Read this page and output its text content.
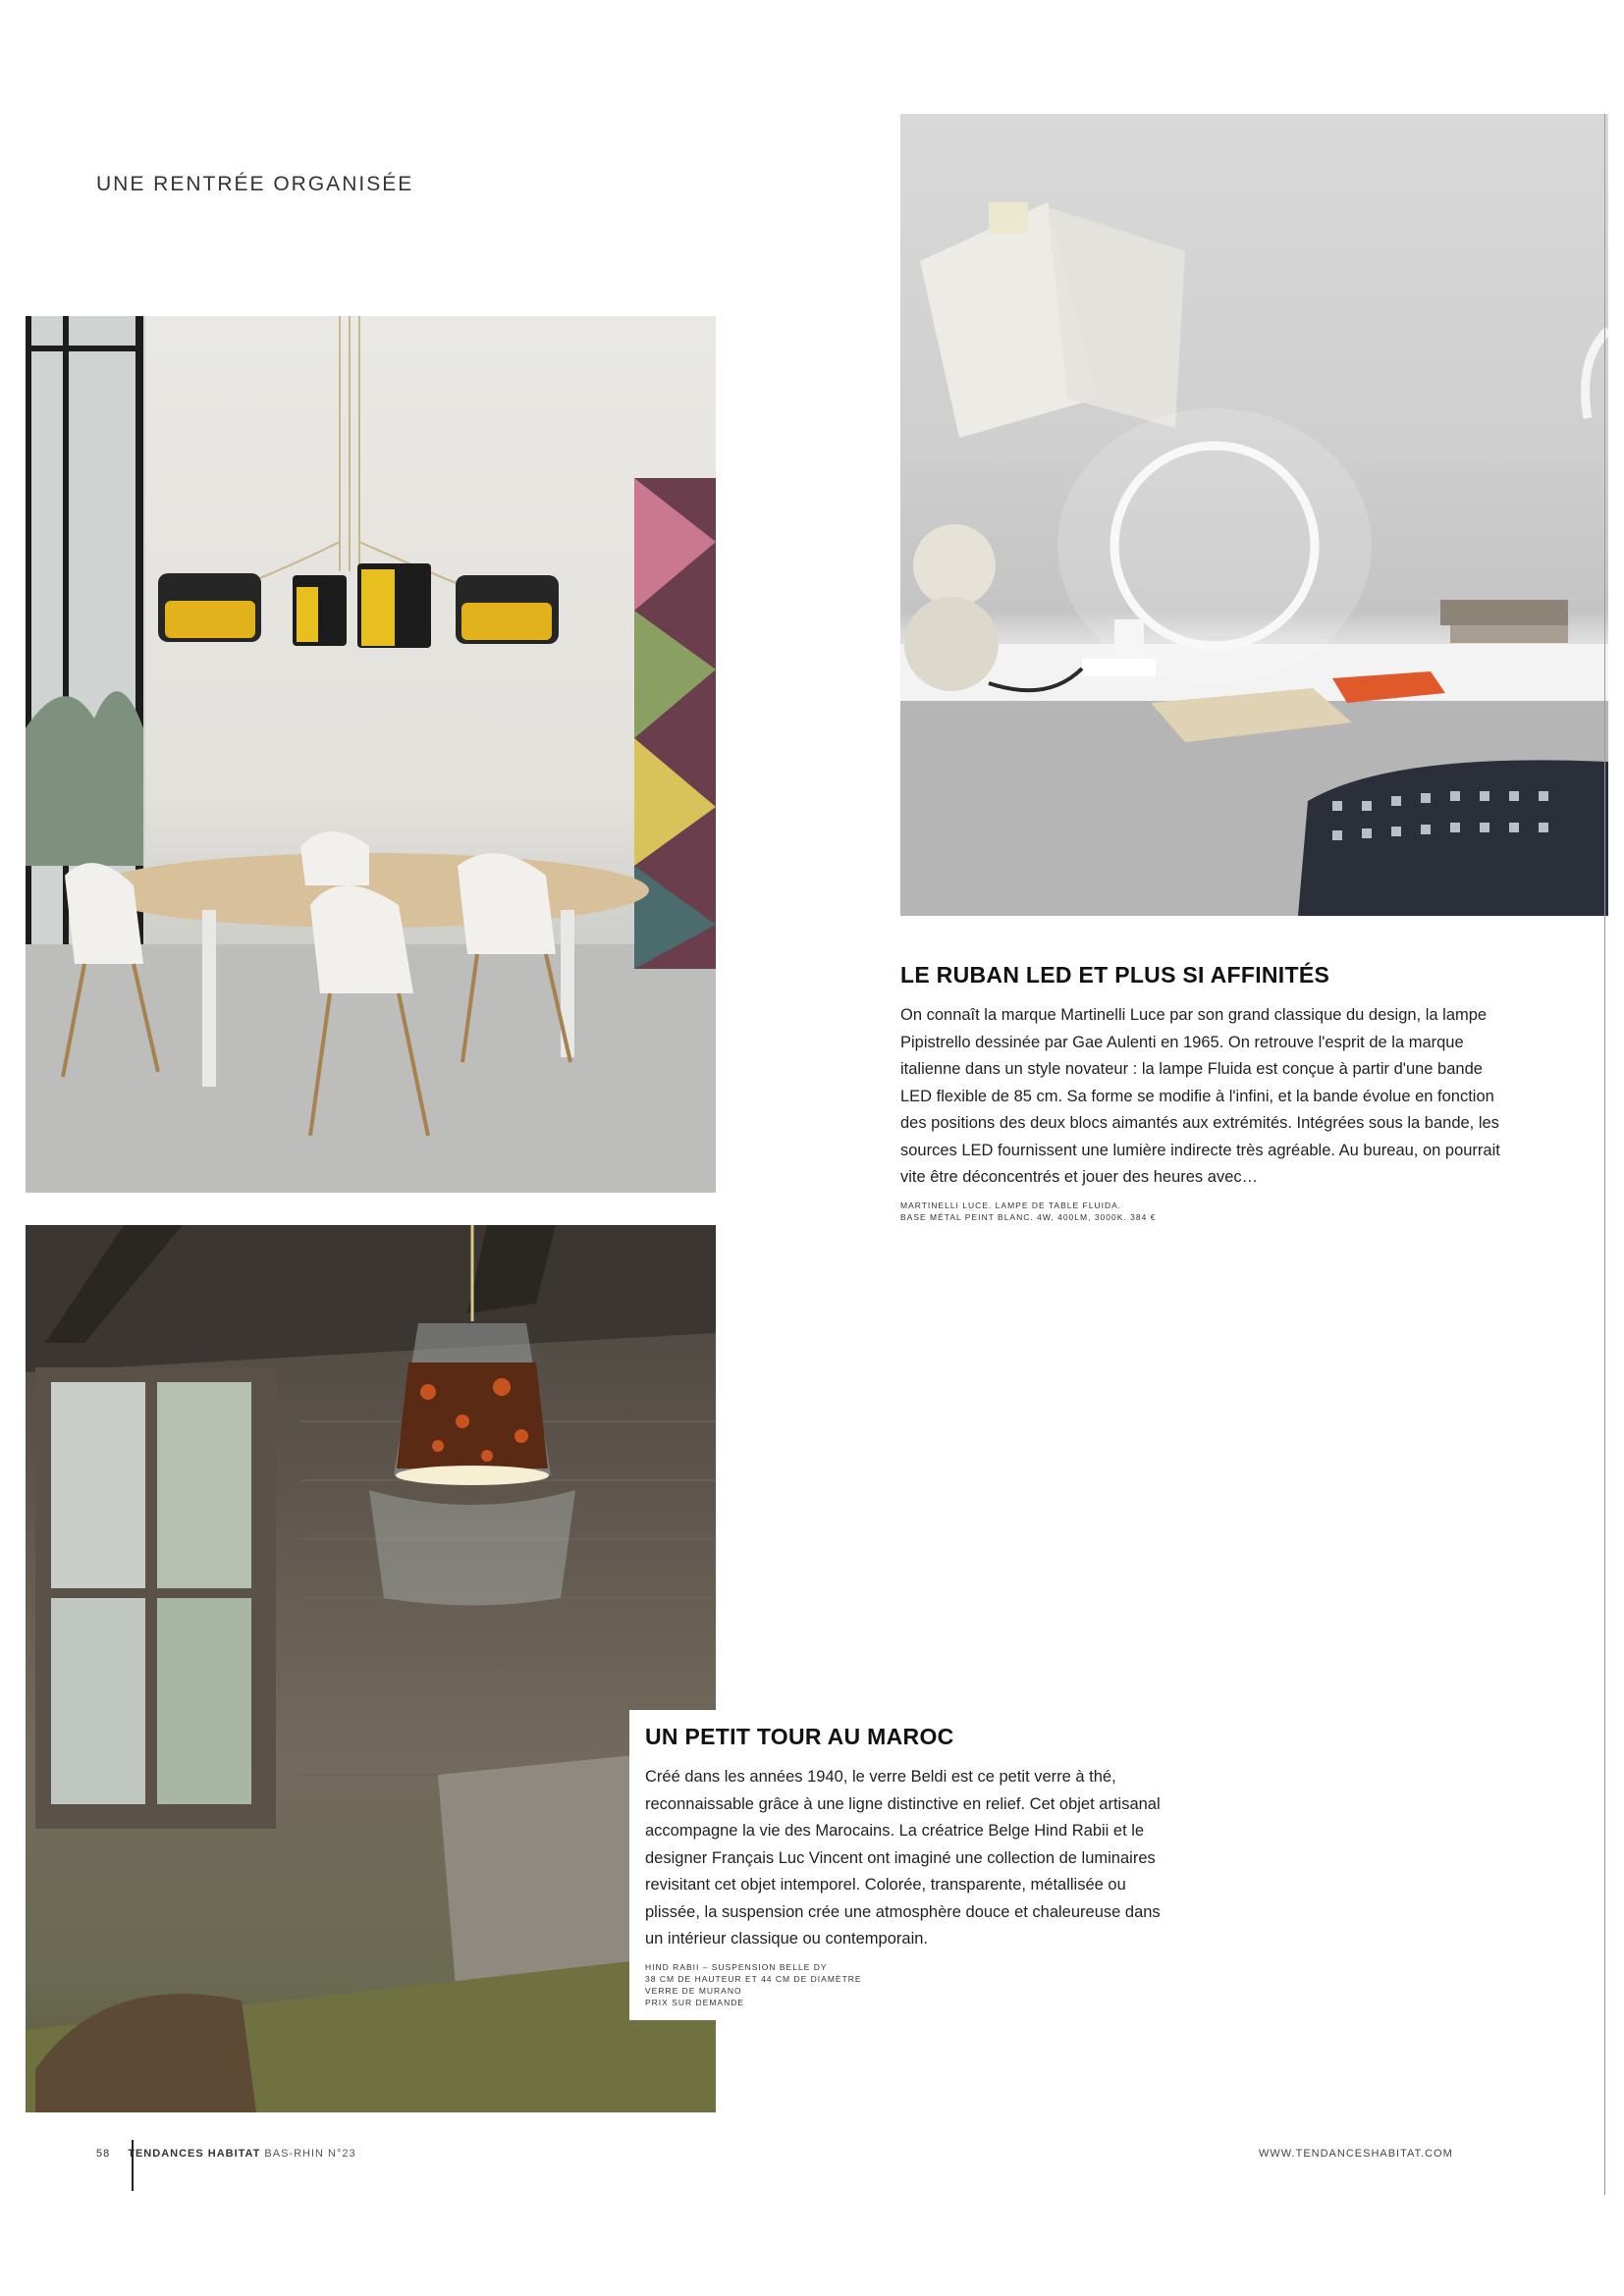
UNE RENTRÉE ORGANISÉE
LE RUBAN LED ET PLUS SI AFFINITÉS

On connaît la marque Martinelli Luce par son grand classique du design, la lampe Pipistrello dessinée par Gae Aulenti en 1965. On retrouve l'esprit de la marque italienne dans un style novateur : la lampe Fluida est conçue à partir d'une bande LED flexible de 85 cm. Sa forme se modifie à l'infini, et la bande évolue en fonction des positions des deux blocs aimantés aux extrémités. Intégrées sous la bande, les sources LED fournissent une lumière indirecte très agréable. Au bureau, on pourrait vite être déconcentrés et jouer des heures avec…

MARTINELLI LUCE. LAMPE DE TABLE FLUIDA.
BASE MÉTAL PEINT BLANC. 4W, 400LM, 3000K. 384 €
UN PETIT TOUR AU MAROC

Créé dans les années 1940, le verre Beldi est ce petit verre à thé, reconnaissable grâce à une ligne distinctive en relief. Cet objet artisanal accompagne la vie des Marocains. La créatrice Belge Hind Rabii et le designer Français Luc Vincent ont imaginé une collection de luminaires revisitant cet objet intemporel. Colorée, transparente, métallisée ou plissée, la suspension crée une atmosphère douce et chaleureuse dans un intérieur classique ou contemporain.

HIND RABII – SUSPENSION BELLE DY
38 CM DE HAUTEUR ET 44 CM DE DIAMÈTRE
VERRE DE MURANO
PRIX SUR DEMANDE
58 TENDANCES HABITAT BAS-RHIN N°23	WWW.TENDANCESHABITAT.COM
